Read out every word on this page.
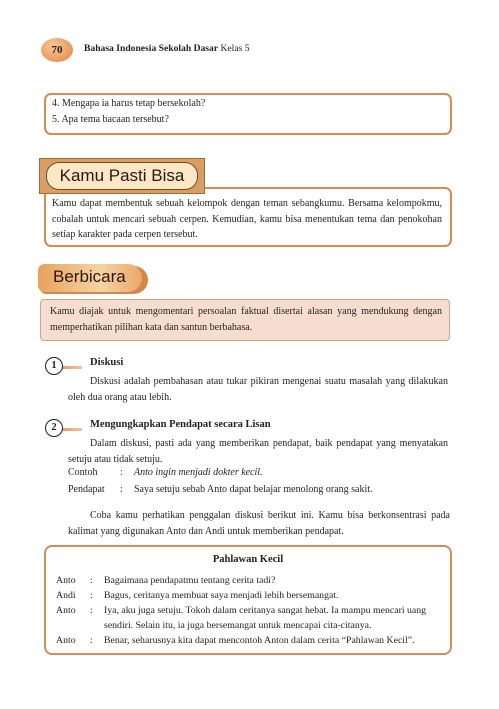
70	Bahasa Indonesia Sekolah Dasar Kelas 5
4. Mengapa ia harus tetap bersekolah?
5. Apa tema bacaan tersebut?
Kamu Pasti Bisa
Kamu dapat membentuk sebuah kelompok dengan teman sebangkumu. Bersama kelompokmu, cobalah untuk mencari sebuah cerpen. Kemudian, kamu bisa menentukan tema dan penokohan setiap karakter pada cerpen tersebut.
Berbicara
Kamu diajak untuk mengomentari persoalan faktual disertai alasan yang mendukung dengan memperhatikan pilihan kata dan santun berbahasa.
1	Diskusi
Diskusi adalah pembahasan atau tukar pikiran mengenai suatu masalah yang dilakukan oleh dua orang atau lebih.
2	Mengungkapkan Pendapat secara Lisan
Dalam diskusi, pasti ada yang memberikan pendapat, baik pendapat yang menyatakan setuju atau tidak setuju.
Contoh : Anto ingin menjadi dokter kecil.
Pendapat : Saya setuju sebab Anto dapat belajar menolong orang sakit.
Coba kamu perhatikan penggalan diskusi berikut ini. Kamu bisa berkonsentrasi pada kalimat yang digunakan Anto dan Andi untuk memberikan pendapat.
Pahlawan Kecil
Anto	: Bagaimana pendapatmu tentang cerita tadi?
Andi	: Bagus, ceritanya membuat saya menjadi lebih bersemangat.
Anto	: Iya, aku juga setuju. Tokoh dalam ceritanya sangat hebat. Ia mampu mencari uang sendiri. Selain itu, ia juga bersemangat untuk mencapai cita-citanya.
Anto	: Benar, seharusnya kita dapat mencontoh Anton dalam cerita “Pahlawan Kecil”.
